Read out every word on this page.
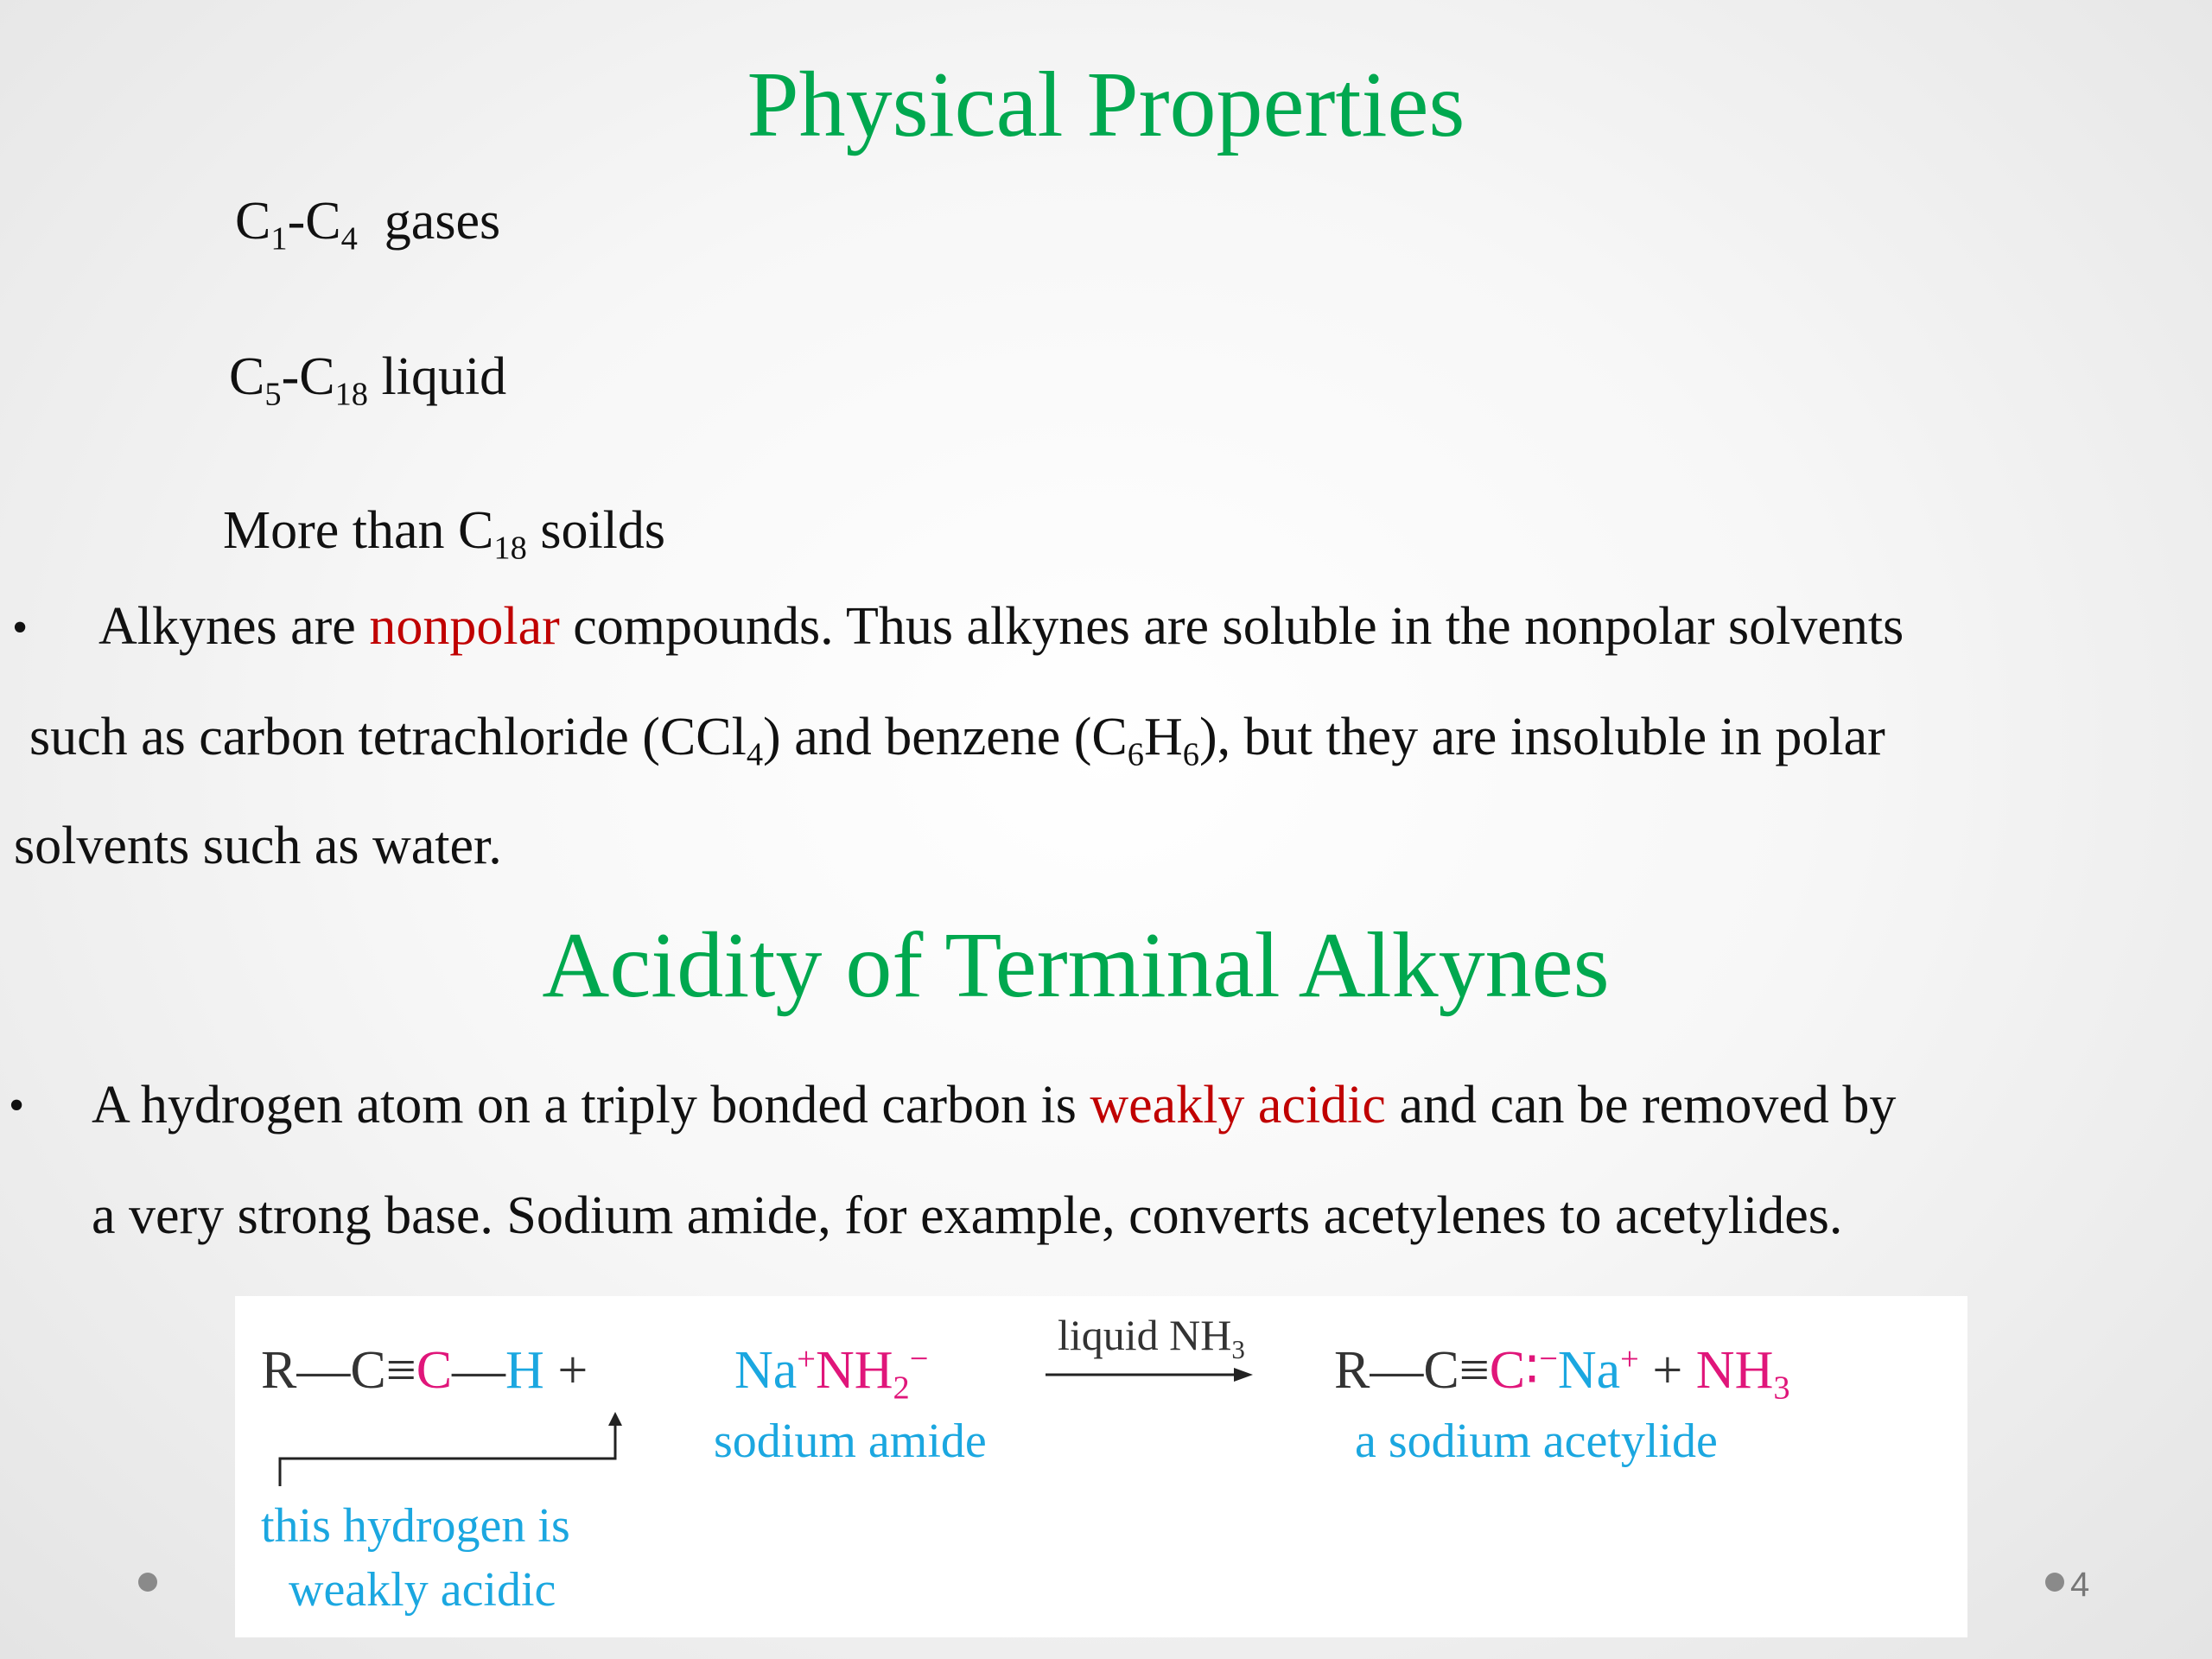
Physical Properties
$C_1-C_4$  gases
$C_5-C_{18}$ liquid
More than $C_{18}$ soilds
• Alkynes are nonpolar compounds. Thus alkynes are soluble in the nonpolar solvents
such as carbon tetrachloride (CCl$_4$) and benzene $(C_6H_6)$, but they are insoluble in polar
solvents such as water.
Acidity of Terminal Alkynes
• A hydrogen atom on a triply bonded carbon is weakly acidic and can be removed by
a very strong base. Sodium amide, for example, converts acetylenes to acetylides.
R—C≡C—H + $Na^+NH_2^-$	liquid $NH_3$ R—C≡C∶−Na+ + $NH_3$
sodium amide	a sodium acetylide
this hydrogen is
weakly acidic	4
